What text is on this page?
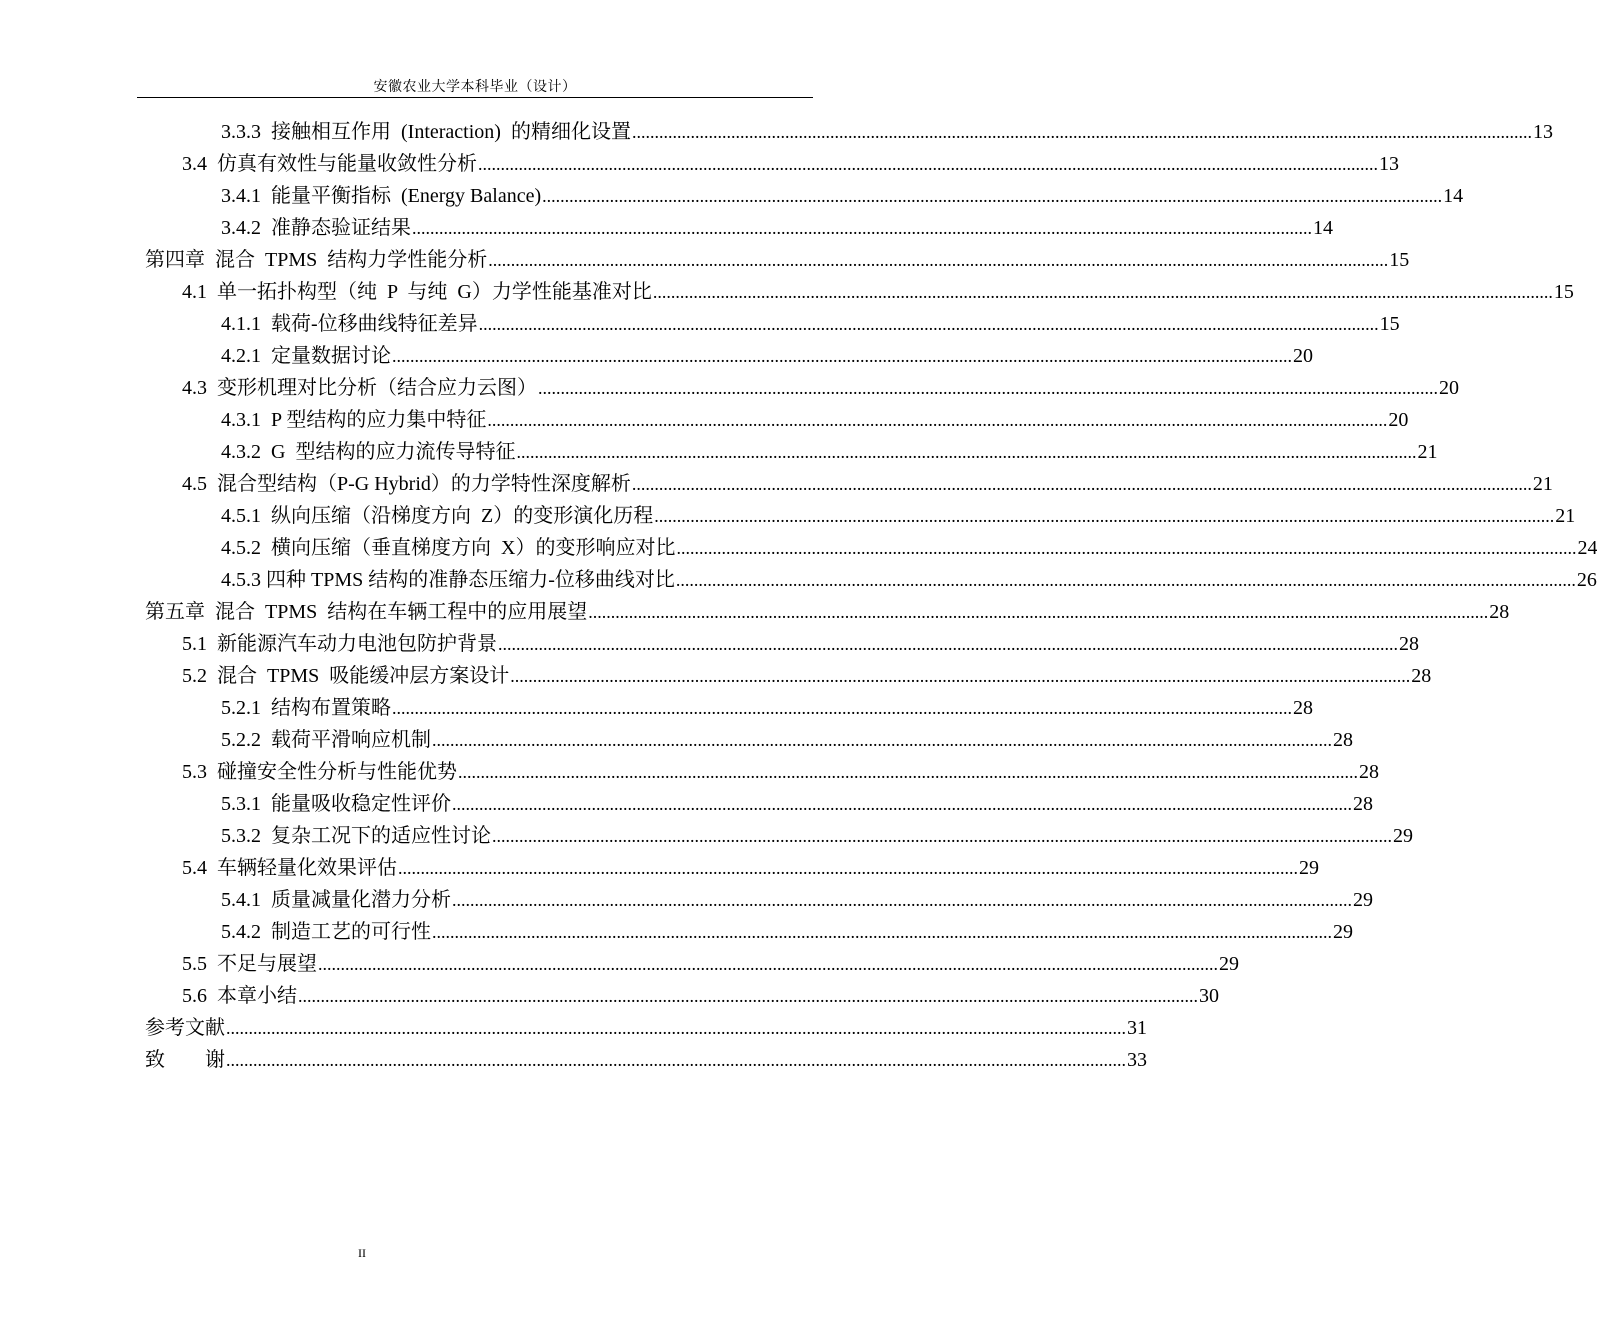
安徽农业大学本科毕业（设计）
3.3.3  接触相互作用  (Interaction)  的精细化设置 ........................................................................................................................................................................................................ 13
3.4  仿真有效性与能量收敛性分析 ........................................................................................................................................................................................................ 13
3.4.1  能量平衡指标  (Energy Balance) ........................................................................................................................................................................................................ 14
3.4.2  准静态验证结果 ........................................................................................................................................................................................................ 14
第四章  混合  TPMS  结构力学性能分析 ........................................................................................................................................................................................................ 15
4.1  单一拓扑构型（纯  P  与纯  G）力学性能基准对比 ........................................................................................................................................................................................................ 15
4.1.1  载荷-位移曲线特征差异 ........................................................................................................................................................................................................ 15
4.2.1  定量数据讨论 ........................................................................................................................................................................................................ 20
4.3  变形机理对比分析（结合应力云图） ........................................................................................................................................................................................................ 20
4.3.1  P 型结构的应力集中特征 ........................................................................................................................................................................................................ 20
4.3.2  G  型结构的应力流传导特征 ........................................................................................................................................................................................................ 21
4.5  混合型结构（P-G Hybrid）的力学特性深度解析 ........................................................................................................................................................................................................ 21
4.5.1  纵向压缩（沿梯度方向  Z）的变形演化历程 ........................................................................................................................................................................................................ 21
4.5.2  横向压缩（垂直梯度方向  X）的变形响应对比 ........................................................................................................................................................................................................ 24
4.5.3 四种 TPMS 结构的准静态压缩力-位移曲线对比 ........................................................................................................................................................................................................ 26
第五章  混合  TPMS  结构在车辆工程中的应用展望 ........................................................................................................................................................................................................ 28
5.1  新能源汽车动力电池包防护背景 ........................................................................................................................................................................................................ 28
5.2  混合  TPMS  吸能缓冲层方案设计 ........................................................................................................................................................................................................ 28
5.2.1  结构布置策略 ........................................................................................................................................................................................................ 28
5.2.2  载荷平滑响应机制 ........................................................................................................................................................................................................ 28
5.3  碰撞安全性分析与性能优势 ........................................................................................................................................................................................................ 28
5.3.1  能量吸收稳定性评价 ........................................................................................................................................................................................................ 28
5.3.2  复杂工况下的适应性讨论 ........................................................................................................................................................................................................ 29
5.4  车辆轻量化效果评估 ........................................................................................................................................................................................................ 29
5.4.1  质量减量化潜力分析 ........................................................................................................................................................................................................ 29
5.4.2  制造工艺的可行性 ........................................................................................................................................................................................................ 29
5.5  不足与展望 ........................................................................................................................................................................................................ 29
5.6  本章小结 ........................................................................................................................................................................................................ 30
参考文献 ........................................................................................................................................................................................................ 31
致        谢 ........................................................................................................................................................................................................ 33
II
